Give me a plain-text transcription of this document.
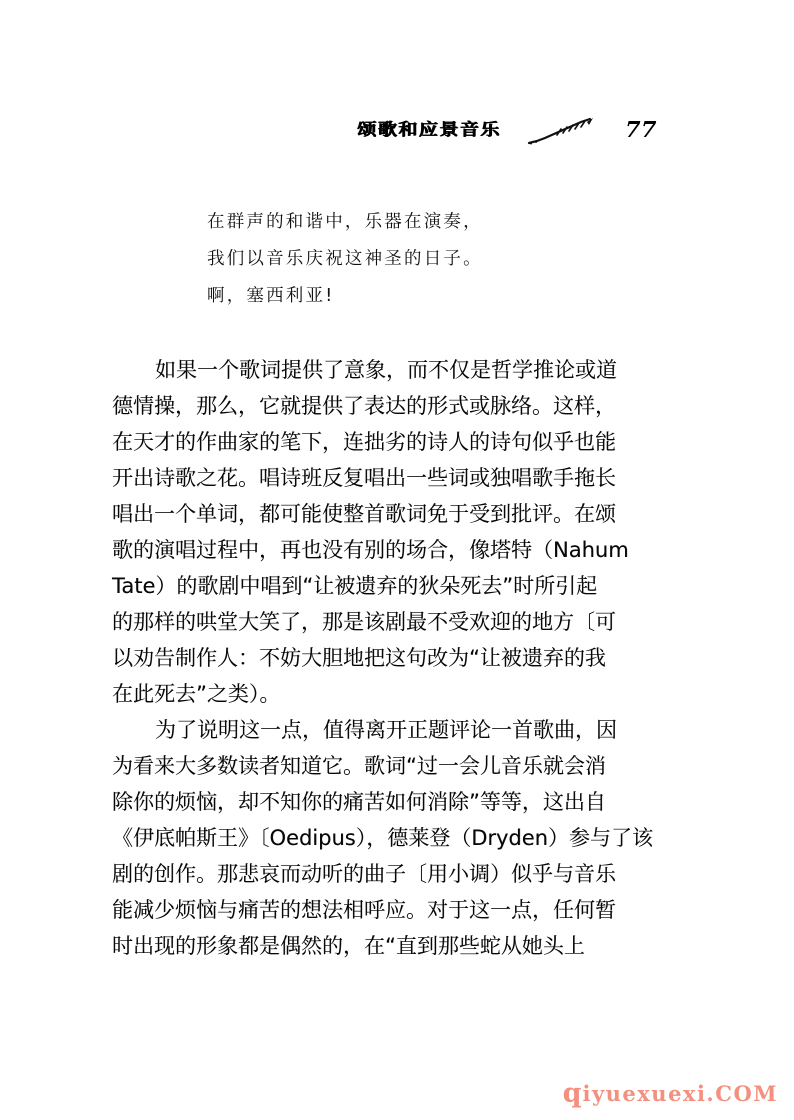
颂歌和应景音乐	77
在群声的和谐中，乐器在演奏，
我们以音乐庆祝这神圣的日子。
啊，塞西利亚!
如果一个歌词提供了意象，而不仅是哲学推论或道
德情操，那么，它就提供了表达的形式或脉络。这样，
在天才的作曲家的笔下，连拙劣的诗人的诗句似乎也能
开出诗歌之花。唱诗班反复唱出一些词或独唱歌手拖长
唱出一个单词，都可能使整首歌词免于受到批评。在颂
歌的演唱过程中，再也没有别的场合，像塔特（Nahum
Tate）的歌剧中唱到“让被遗弃的狄朵死去”时所引起
的那样的哄堂大笑了，那是该剧最不受欢迎的地方〔可
以劝告制作人：不妨大胆地把这句改为“让被遗弃的我
在此死去”之类）。
为了说明这一点，值得离开正题评论一首歌曲，因
为看来大多数读者知道它。歌词“过一会儿音乐就会消
除你的烦恼，却不知你的痛苦如何消除”等等，这出自
《伊底帕斯王》〔Oedipus），德莱登（Dryden）参与了该
剧的创作。那悲哀而动听的曲子〔用小调）似乎与音乐
能减少烦恼与痛苦的想法相呼应。对于这一点，任何暂
时出现的形象都是偶然的，在“直到那些蛇从她头上
q iyuexuexi.COM
